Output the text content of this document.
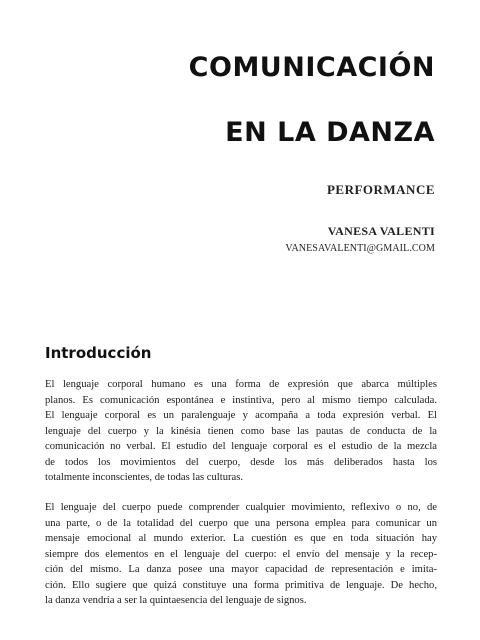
COMUNICACIÓN
EN LA DANZA
PERFORMANCE
VANESA VALENTI
VANESAVALENTI@GMAIL.COM
Introducción

El lenguaje corporal humano es una forma de expresión que abarca múltiples
planos. Es comunicación espontánea e instintiva, pero al mismo tiempo calculada.
El lenguaje corporal es un paralenguaje y acompaña a toda expresión verbal. El
lenguaje del cuerpo y la kinésia tienen como base las pautas de conducta de la
comunicación no verbal. El estudio del lenguaje corporal es el estudio de la mezcla
de todos los movimientos del cuerpo, desde los más deliberados hasta los
totalmente inconscientes, de todas las culturas.

El lenguaje del cuerpo puede comprender cualquier movimiento, reflexivo o no, de
una parte, o de la totalidad del cuerpo que una persona emplea para comunicar un
mensaje emocional al mundo exterior. La cuestión es que en toda situación hay
siempre dos elementos en el lenguaje del cuerpo: el envío del mensaje y la recep-
ción del mismo. La danza posee una mayor capacidad de representación e imita-
ción. Ello sugiere que quizá constituye una forma primitiva de lenguaje. De hecho,
la danza vendría a ser la quintaesencia del lenguaje de signos.
